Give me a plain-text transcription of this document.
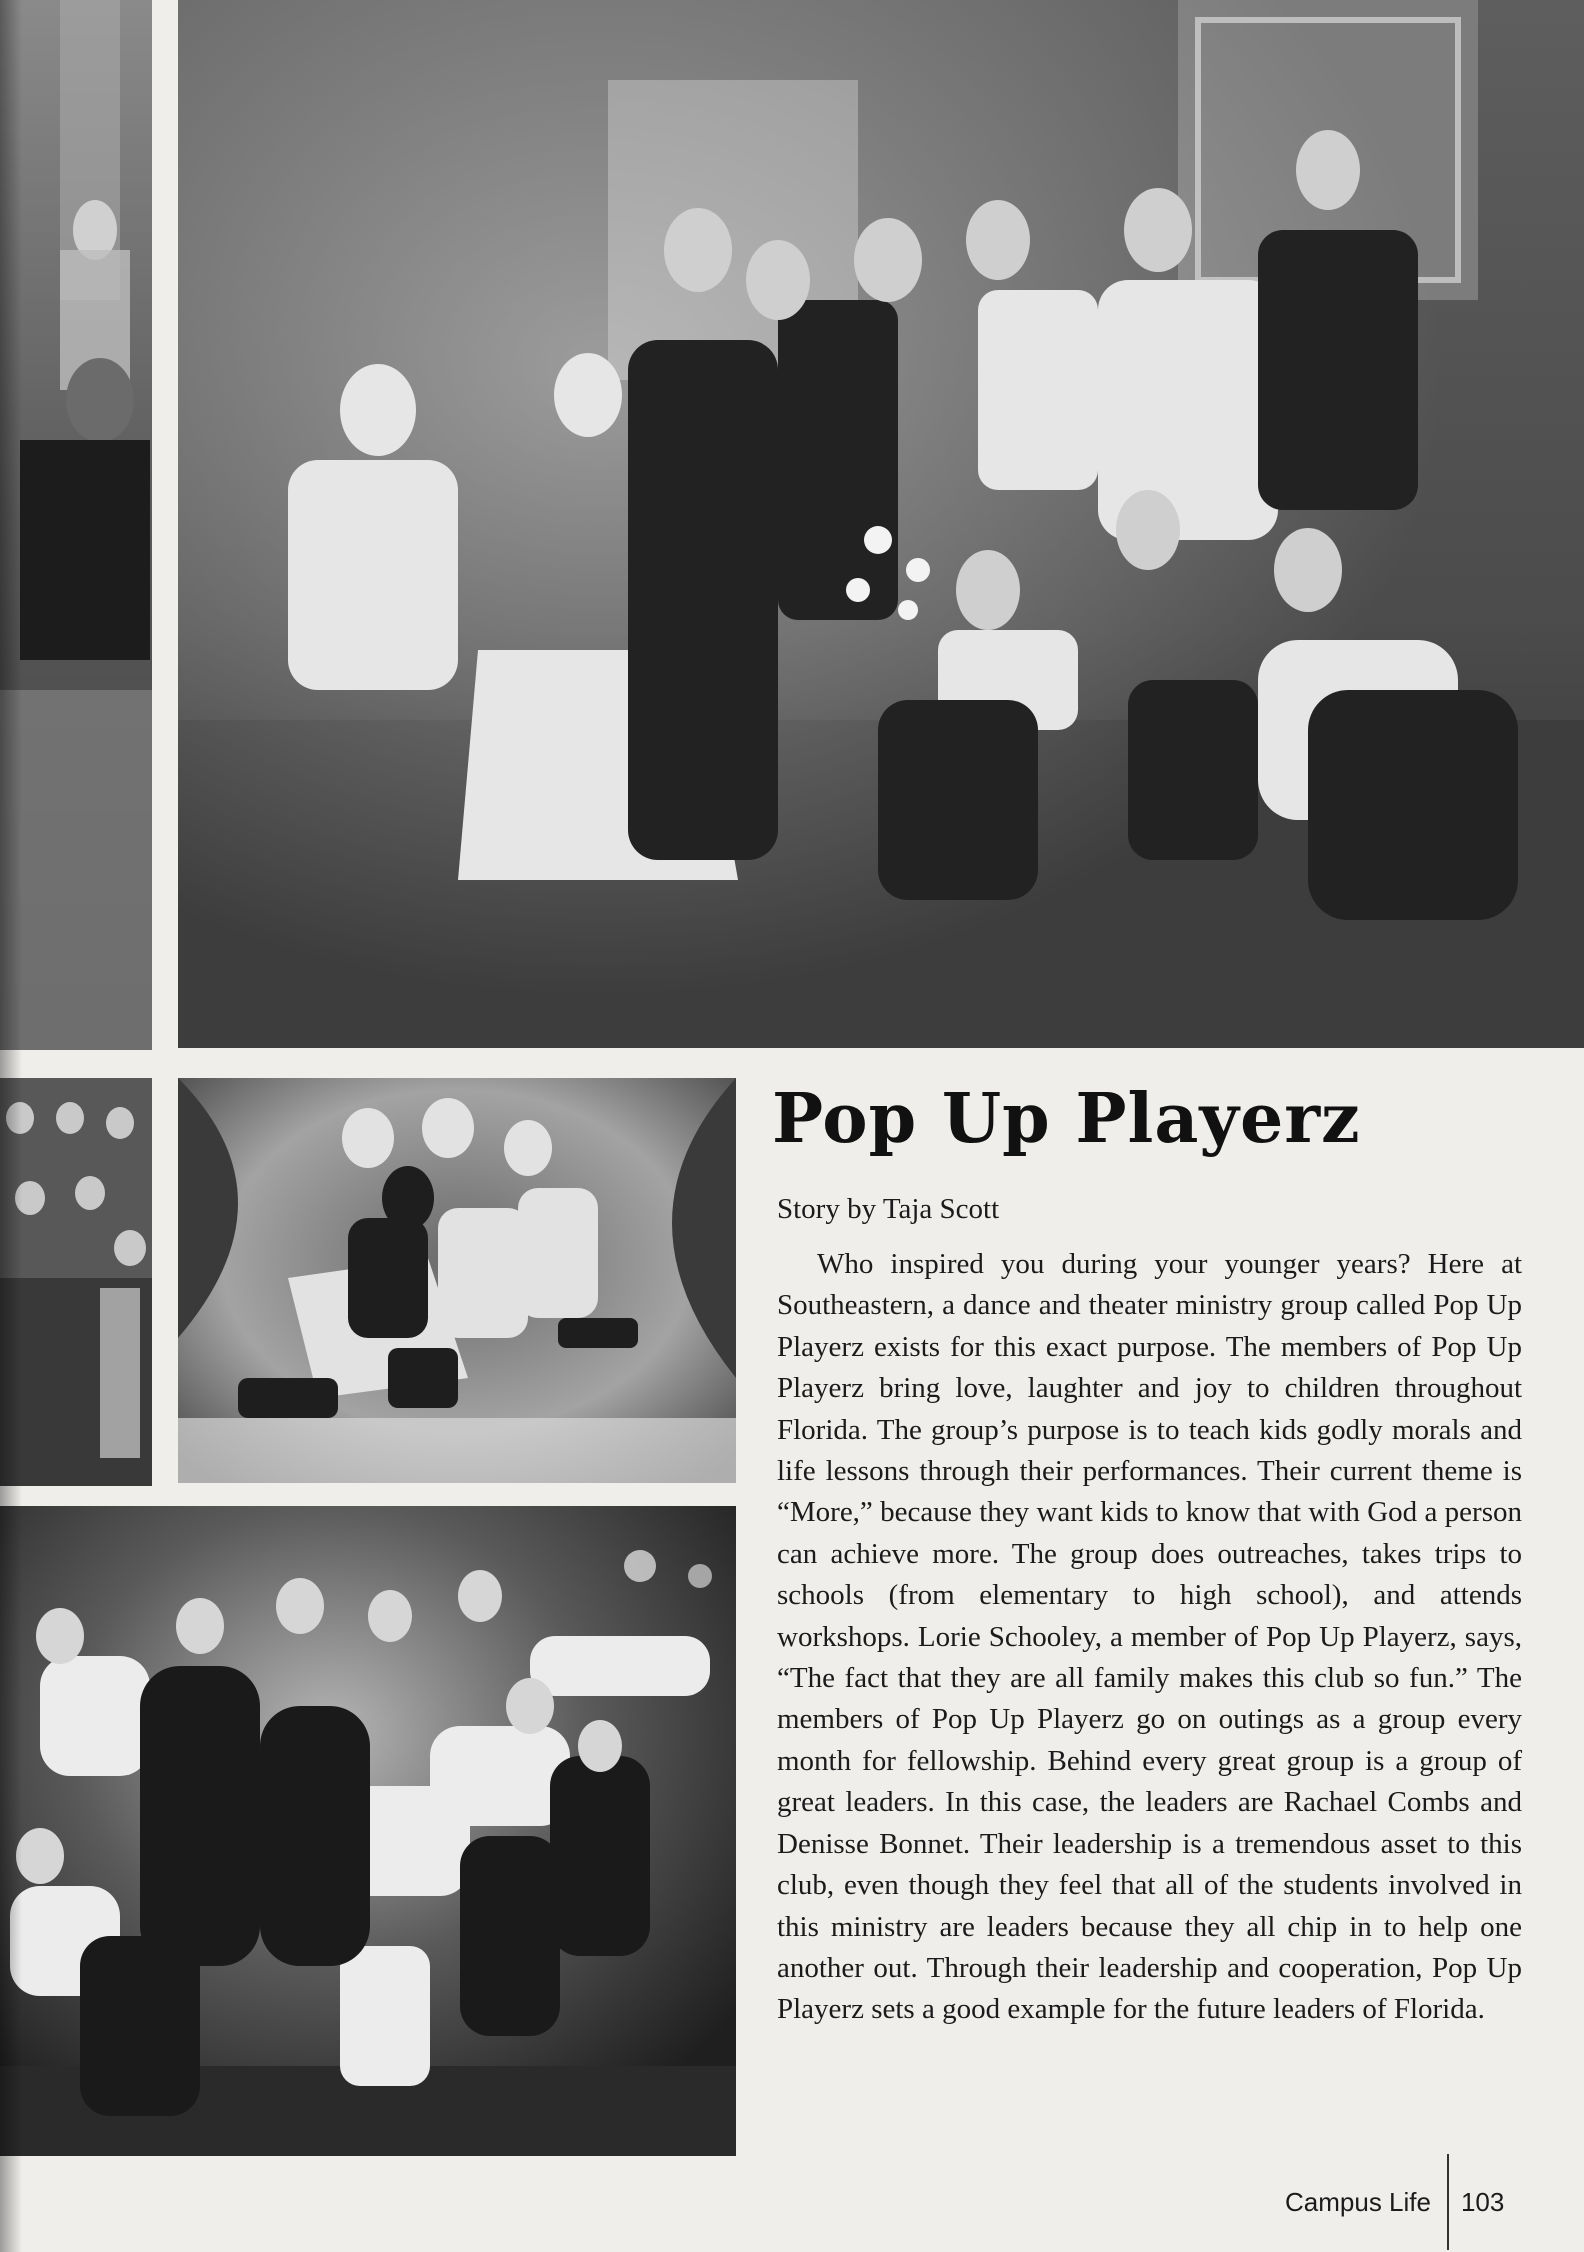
Pop Up Playerz
Story by Taja Scott

Who inspired you during your younger years? Here at Southeastern, a dance and theater ministry group called Pop Up Playerz exists for this exact purpose. The members of Pop Up Playerz bring love, laughter and joy to children throughout Florida. The group’s purpose is to teach kids godly morals and life lessons through their performances. Their current theme is “More,” because they want kids to know that with God a person can achieve more. The group does outreaches, takes trips to schools (from elementary to high school), and attends workshops. Lorie Schooley, a member of Pop Up Playerz, says, “The fact that they are all family makes this club so fun.” The members of Pop Up Playerz go on outings as a group every month for fellowship. Behind every great group is a group of great leaders. In this case, the leaders are Rachael Combs and Denisse Bonnet. Their leadership is a tremendous asset to this club, even though they feel that all of the students involved in this ministry are leaders because they all chip in to help one another out. Through their leadership and cooperation, Pop Up Playerz sets a good example for the future leaders of Florida.

Campus Life 103
